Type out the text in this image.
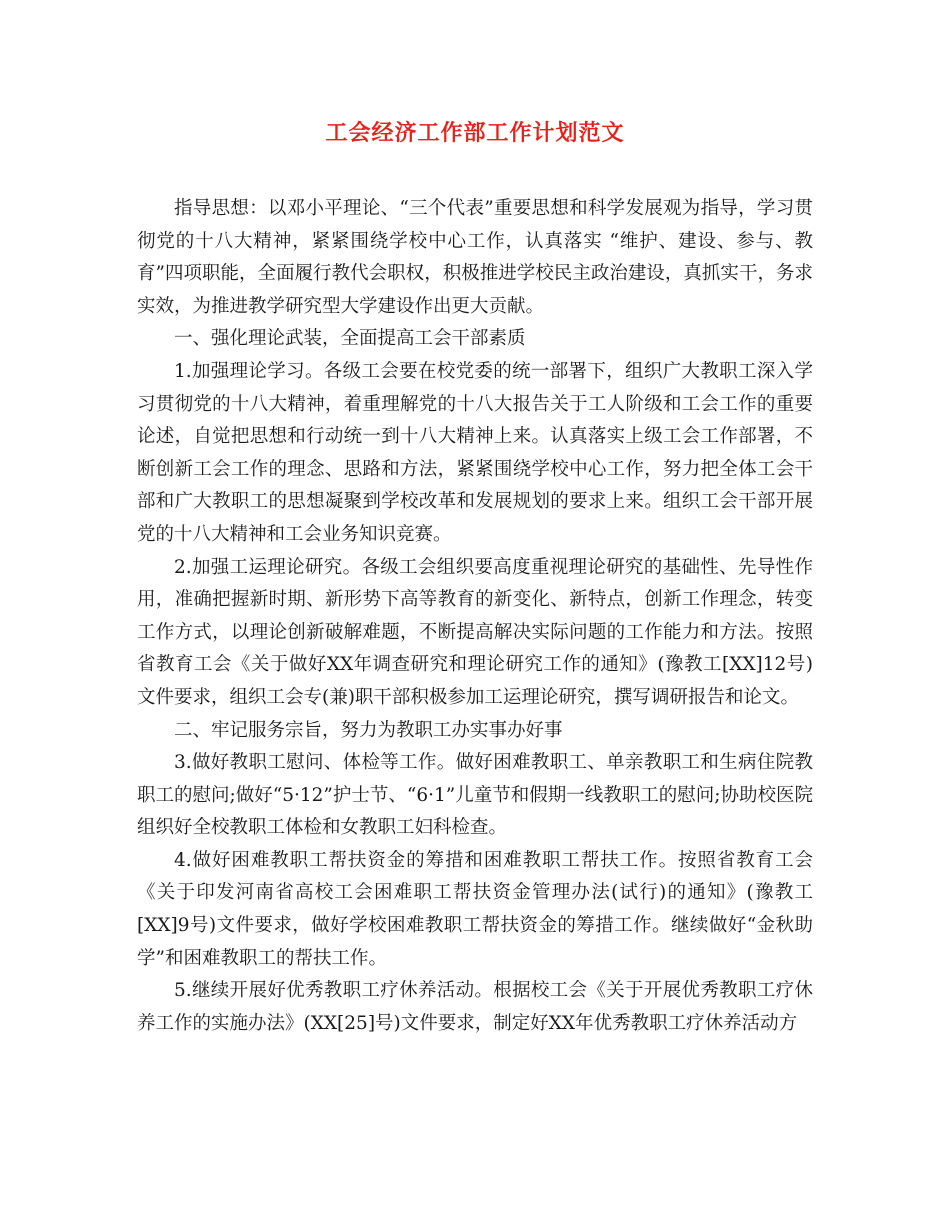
工会经济工作部工作计划范文

指导思想：以邓小平理论、“三个代表”重要思想和科学发展观为指导，学习贯彻党的十八大精神，紧紧围绕学校中心工作，认真落实 “维护、建设、参与、教育”四项职能，全面履行教代会职权，积极推进学校民主政治建设，真抓实干，务求实效，为推进教学研究型大学建设作出更大贡献。

一、强化理论武装，全面提高工会干部素质

1.加强理论学习。各级工会要在校党委的统一部署下，组织广大教职工深入学习贯彻党的十八大精神，着重理解党的十八大报告关于工人阶级和工会工作的重要论述，自觉把思想和行动统一到十八大精神上来。认真落实上级工会工作部署，不断创新工会工作的理念、思路和方法，紧紧围绕学校中心工作，努力把全体工会干部和广大教职工的思想凝聚到学校改革和发展规划的要求上来。组织工会干部开展党的十八大精神和工会业务知识竞赛。

2.加强工运理论研究。各级工会组织要高度重视理论研究的基础性、先导性作用，准确把握新时期、新形势下高等教育的新变化、新特点，创新工作理念，转变工作方式，以理论创新破解难题，不断提高解决实际问题的工作能力和方法。按照省教育工会《关于做好XX年调查研究和理论研究工作的通知》(豫教工[XX]12号)文件要求，组织工会专(兼)职干部积极参加工运理论研究，撰写调研报告和论文。

二、牢记服务宗旨，努力为教职工办实事办好事

3.做好教职工慰问、体检等工作。做好困难教职工、单亲教职工和生病住院教职工的慰问;做好“5·12”护士节、“6·1”儿童节和假期一线教职工的慰问;协助校医院组织好全校教职工体检和女教职工妇科检查。

4.做好困难教职工帮扶资金的筹措和困难教职工帮扶工作。按照省教育工会《关于印发河南省高校工会困难职工帮扶资金管理办法(试行)的通知》(豫教工[XX]9号)文件要求，做好学校困难教职工帮扶资金的筹措工作。继续做好“金秋助学”和困难教职工的帮扶工作。

5.继续开展好优秀教职工疗休养活动。根据校工会《关于开展优秀教职工疗休养工作的实施办法》(XX[25]号)文件要求，制定好XX年优秀教职工疗休养活动方
